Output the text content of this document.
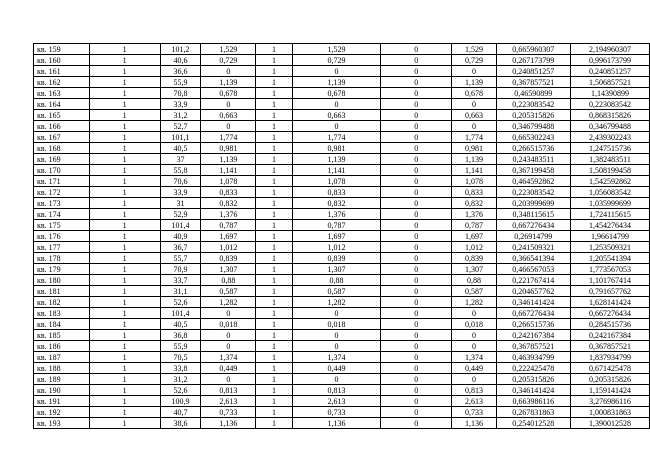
кв. 159	1	101,2	1,529	1	1,529	0	1,529	0,665960307	2,194960307
кв. 160	1	40,6	0,729	1	0,729	0	0,729	0,267173799	0,996173799
кв. 161	1	36,6	0	1	0	0	0	0,240851257	0,240851257
кв. 162	1	55,9	1,139	1	1,139	0	1,139	0,367857521	1,506857521
кв. 163	1	70,8	0,678	1	0,678	0	0,678	0,46590899	1,14390899
кв. 164	1	33,9	0	1	0	0	0	0,223083542	0,223083542
кв. 165	1	31,2	0,663	1	0,663	0	0,663	0,205315826	0,868315826
кв. 166	1	52,7	0	1	0	0	0	0,346799488	0,346799488
кв. 167	1	101,1	1,774	1	1,774	0	1,774	0,665302243	2,439302243
кв. 168	1	40,5	0,981	1	0,981	0	0,981	0,266515736	1,247515736
кв. 169	1	37	1,139	1	1,139	0	1,139	0,243483511	1,382483511
кв. 170	1	55,8	1,141	1	1,141	0	1,141	0,367199458	1,508199458
кв. 171	1	70,6	1,078	1	1,078	0	1,078	0,464592862	1,542592862
кв. 172	1	33,9	0,833	1	0,833	0	0,833	0,223083542	1,056083542
кв. 173	1	31	0,832	1	0,832	0	0,832	0,203999699	1,035999699
кв. 174	1	52,9	1,376	1	1,376	0	1,376	0,348115615	1,724115615
кв. 175	1	101,4	0,787	1	0,787	0	0,787	0,667276434	1,454276434
кв. 176	1	40,9	1,697	1	1,697	0	1,697	0,26914799	1,96614799
кв. 177	1	36,7	1,012	1	1,012	0	1,012	0,241509321	1,253509321
кв. 178	1	55,7	0,839	1	0,839	0	0,839	0,366541394	1,205541394
кв. 179	1	70,9	1,307	1	1,307	0	1,307	0,466567053	1,773567053
кв. 180	1	33,7	0,88	1	0,88	0	0,88	0,221767414	1,101767414
кв. 181	1	31,1	0,587	1	0,587	0	0,587	0,204657762	0,791657762
кв. 182	1	52,6	1,282	1	1,282	0	1,282	0,346141424	1,628141424
кв. 183	1	101,4	0	1	0	0	0	0,667276434	0,667276434
кв. 184	1	40,5	0,018	1	0,018	0	0,018	0,266515736	0,284515736
кв. 185	1	36,8	0	1	0	0	0	0,242167384	0,242167384
кв. 186	1	55,9	0	1	0	0	0	0,367857521	0,367857521
кв. 187	1	70,5	1,374	1	1,374	0	1,374	0,463934799	1,837934799
кв. 188	1	33,8	0,449	1	0,449	0	0,449	0,222425478	0,671425478
кв. 189	1	31,2	0	1	0	0	0	0,205315826	0,205315826
кв. 190	1	52,6	0,813	1	0,813	0	0,813	0,346141424	1,159141424
кв. 191	1	100,9	2,613	1	2,613	0	2,613	0,663986116	3,276986116
кв. 192	1	40,7	0,733	1	0,733	0	0,733	0,267831863	1,000831863
кв. 193	1	38,6	1,136	1	1,136	0	1,136	0,254012528	1,390012528
